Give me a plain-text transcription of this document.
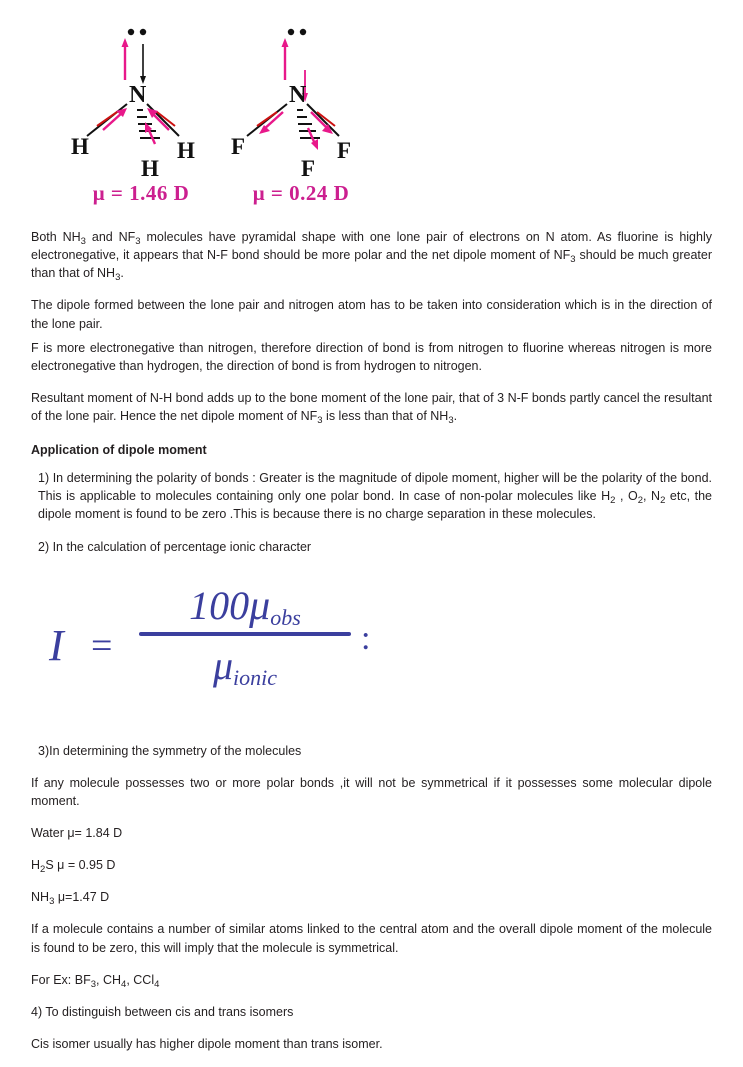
N
H	H
H
μ = 1.46 D
N
F	F
F
μ = 0.24 D

Both $NH_3$ and $NF_3$ molecules have pyramidal shape with one lone pair of electrons on N atom. As fluorine is highly electronegative, it appears that N-F bond should be more polar and the net dipole moment of $NF_3$ should be much greater than that of $NH_3$.

The dipole formed between the lone pair and nitrogen atom has to be taken into consideration which is in the direction of the lone pair.

F is more electronegative than nitrogen, therefore direction of bond is from nitrogen to fluorine whereas nitrogen is more electronegative than hydrogen, the direction of bond is from hydrogen to nitrogen.

Resultant moment of N-H bond adds up to the bone moment of the lone pair, that of 3 N-F bonds partly cancel the resultant of the lone pair. Hence the net dipole moment of $NF_3$ is less than that of $NH_3$.

Application of dipole moment

1) In determining the polarity of bonds : Greater is the magnitude of dipole moment, higher will be the polarity of the bond. This is applicable to molecules containing only one polar bond. In case of non-polar molecules like $H_2$ , $O_2$, $N_2$ etc, the dipole moment is found to be zero .This is because there is no charge separation in these molecules.

2) In the calculation of percentage ionic character

I =
100μobs
μionic
:

3)In determining the symmetry of the molecules

If any molecule possesses two or more polar bonds ,it will not be symmetrical if it possesses some molecular dipole moment.

Water μ= 1.84 D

$H_2S$ μ = 0.95 D

$NH_3$ μ=1.47 D

If a molecule contains a number of similar atoms linked to the central atom and the overall dipole moment of the molecule is found to be zero, this will imply that the molecule is symmetrical.

For Ex: $BF_3$, $CH_4$, CCl$_4$

4) To distinguish between cis and trans isomers

Cis isomer usually has higher dipole moment than trans isomer.
